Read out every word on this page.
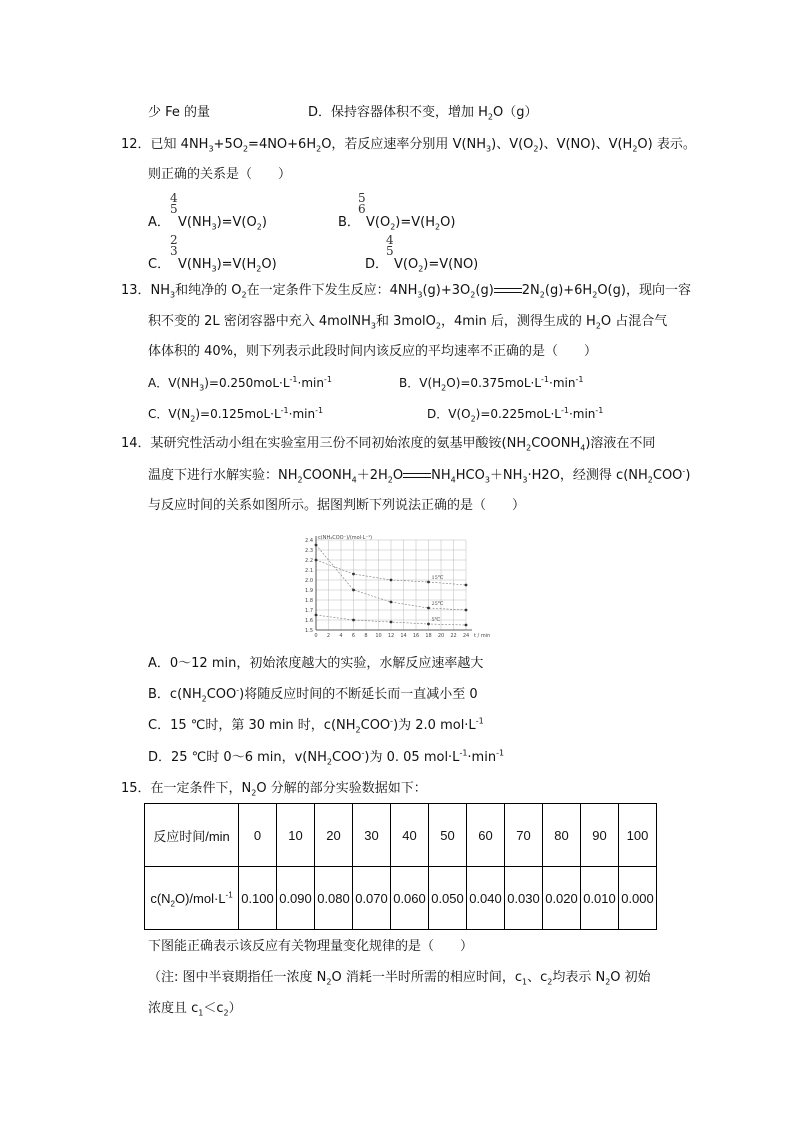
少 Fe 的量	D．保持容器体积不变，增加 $H_2O(g)$
12．已知 $4NH_3+5O_2=4NO+6H_2O$，若反应速率分别用 $V(NH_3)$、$V(O_2)$、V(NO)、$V(H_2O)$ 表示。
则正确的关系是（　　）
A．
4
5
$V(NH_3)=V(O_2)$	B．
5
6
$V(O_2)=V(H_2O)$
C．
2
3
$V(NH_3)=V(H_2O)$	D．
4
5
$V(O_2)=V(NO)$
13．$NH_3$和纯净的 $O_2$在一定条件下发生反应：$4NH_3(g)+3O_2(g)$ $2N_2(g)+6H_2O(g)$，现向一容
积不变的 2L 密闭容器中充入 4molNH$_3$和 3molO$_2$，4min 后，测得生成的 $H_2O$ 占混合气
体体积的 40%，则下列表示此段时间内该反应的平均速率不正确的是（　　）
A．$V(NH_3)=0.250moL\cdot L^{-1}\cdot\min^{-1}$	B．$V(H_2O)=0.375moL\cdot L^{-1}\cdot\min^{-1}$
C．$V(N_2)=0.125moL\cdot L^{-1}\cdot\min^{-1}$	D．$V(O_2)=0.225moL\cdot L^{-1}\cdot\min^{-1}$
14．某研究性活动小组在实验室用三份不同初始浓度的氨基甲酸铵$(NH_2COONH_4)$溶液在不同
温度下进行水解实验：$NH_2COONH_4+2H_2O$ $NH_4HCO_3+NH_3\cdot H2O$，经测得 $c(NH_2COO^-)$
与反应时间的关系如图所示。据图判断下列说法正确的是（　　）
2.4
2.3
2.2
2.1
2.0
1.9
1.8
1.7
1.6
1.5
0 2 4 6 8 10 12 14 16 18 20 22 24
c(NH₂COO⁻)/(mol·L⁻¹)
t / min
15℃
25℃
5℃
A．0～12 min，初始浓度越大的实验，水解反应速率越大
B．$c(NH_2COO^-)$将随反应时间的不断延长而一直减小至 0
C．15 ℃时，第 30 min 时，$c(NH_2COO^-)$为 2.0 $mol\cdot L^{-1}$
D．25 ℃时 0～6 min，$v(NH_2COO^-)$为 0. 05 $mol\cdot L^{-1}\cdot\min^{-1}$
15．在一定条件下，$N_2O$ 分解的部分实验数据如下：
反应时间/min	0	10	20	30	40	50	60	70	80	90	100
$c(N_2O)/mol\cdot L^{-1}$	0.100	0.090	0.080	0.070	0.060	0.050	0.040	0.030	0.020	0.010	0.000
下图能正确表示该反应有关物理量变化规律的是（　　）
（注: 图中半衰期指任一浓度 $N_2O$ 消耗一半时所需的相应时间，$c_1$、$c_2$均表示 $N_2O$ 初始
浓度且 $c_1<c_2$）
